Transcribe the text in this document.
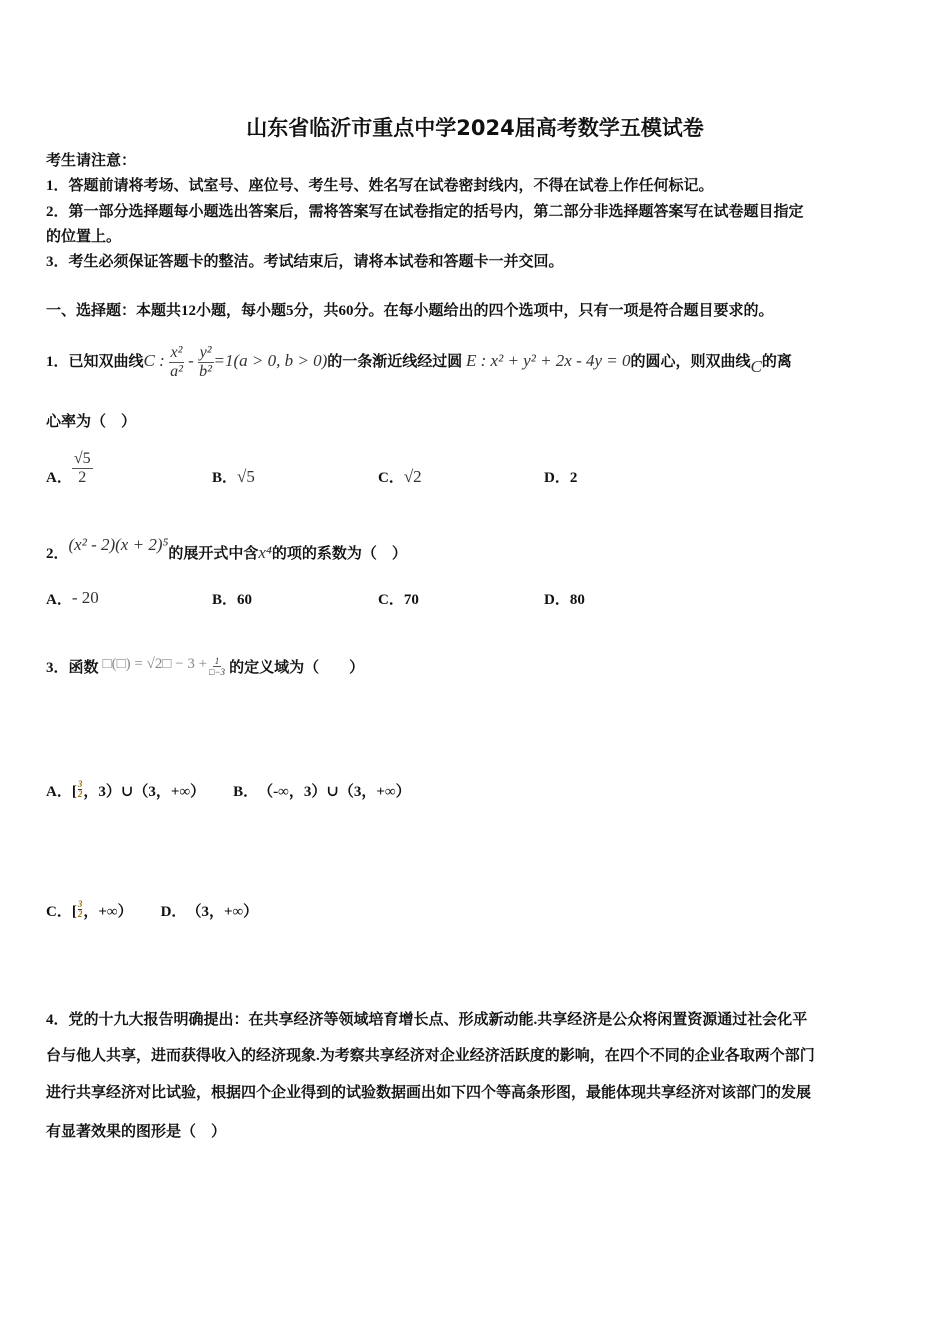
山东省临沂市重点中学2024届高考数学五模试卷
考生请注意：
1．答题前请将考场、试室号、座位号、考生号、姓名写在试卷密封线内，不得在试卷上作任何标记。
2．第一部分选择题每小题选出答案后，需将答案写在试卷指定的括号内，第二部分非选择题答案写在试卷题目指定
的位置上。
3．考生必须保证答题卡的整洁。考试结束后，请将本试卷和答题卡一并交回。
一、选择题：本题共12小题，每小题5分，共60分。在每小题给出的四个选项中，只有一项是符合题目要求的。
1．已知双曲线C : $\frac{\text{x²}}{\text{a²}} - \frac{\text{y²}}{\text{b²}} =1(a > 0$, b > 0)的一条渐近线经过圆 E : x² + y² + 2x - 4y = 0的圆心，则双曲线C的离
心率为（　）
A． $\frac{√5}{2}$	B． √5	C． √2	D． 2
2．(x² - 2)(x + 2)⁵的展开式中含x⁴的项的系数为（　）
A． - 20	B． 60	C． 70	D． 80
3．函数 □(□) = √2□ − $3 + \frac{1}{□-3}$ 的定义域为（　　）
A． [ $\frac{3}{2}$ ，3）∪（3，+∞） B． （-∞，3）∪（3，+∞）
C． [ $\frac{3}{2}$ ，+∞） D． （3，+∞）
4．党的十九大报告明确提出：在共享经济等领域培育增长点、形成新动能.共享经济是公众将闲置资源通过社会化平
台与他人共享，进而获得收入的经济现象.为考察共享经济对企业经济活跃度的影响，在四个不同的企业各取两个部门
进行共享经济对比试验，根据四个企业得到的试验数据画出如下四个等高条形图，最能体现共享经济对该部门的发展
有显著效果的图形是（　）
